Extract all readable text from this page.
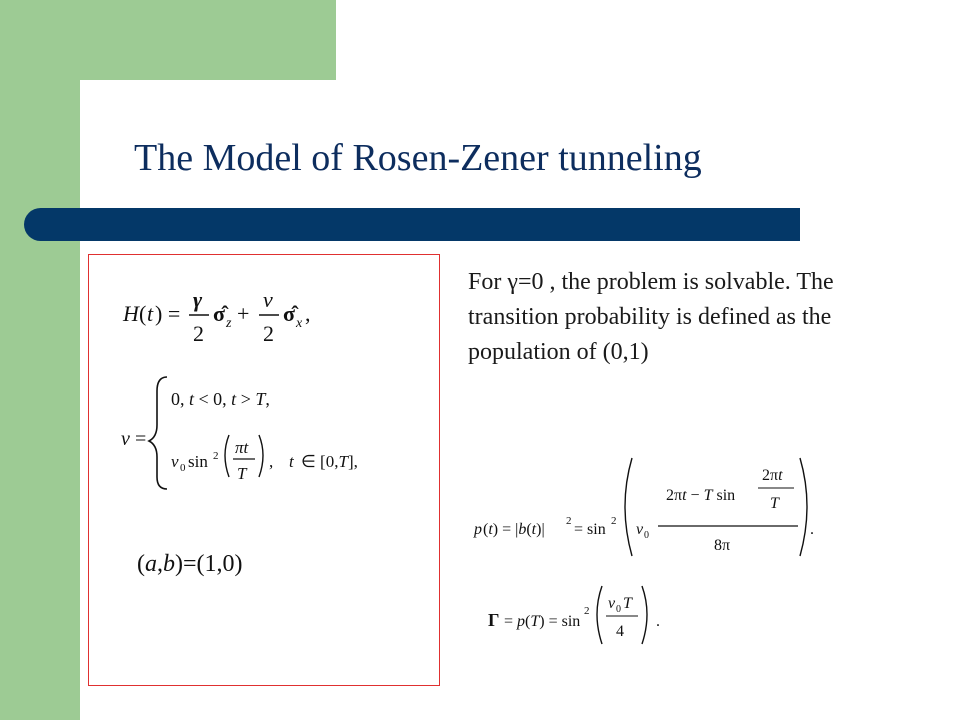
The Model of Rosen-Zener tunneling
H ( t ) =
γ
2
σ̂ z +
v
2
σ̂ x ,
v =
0, t < 0, t > T,
v 0 sin 2 πt
T
, t ∈ [0,T],
(a,b)=(1,0)
For γ=0 , the problem is solvable. The transition probability is defined as the population of (0,1)
p (t) = |b(t)| 2 = sin 2 v 0
2πt − T sin
2πt
T
8π
.
Γ = p(T) = sin
2 v 0 T
4
.
